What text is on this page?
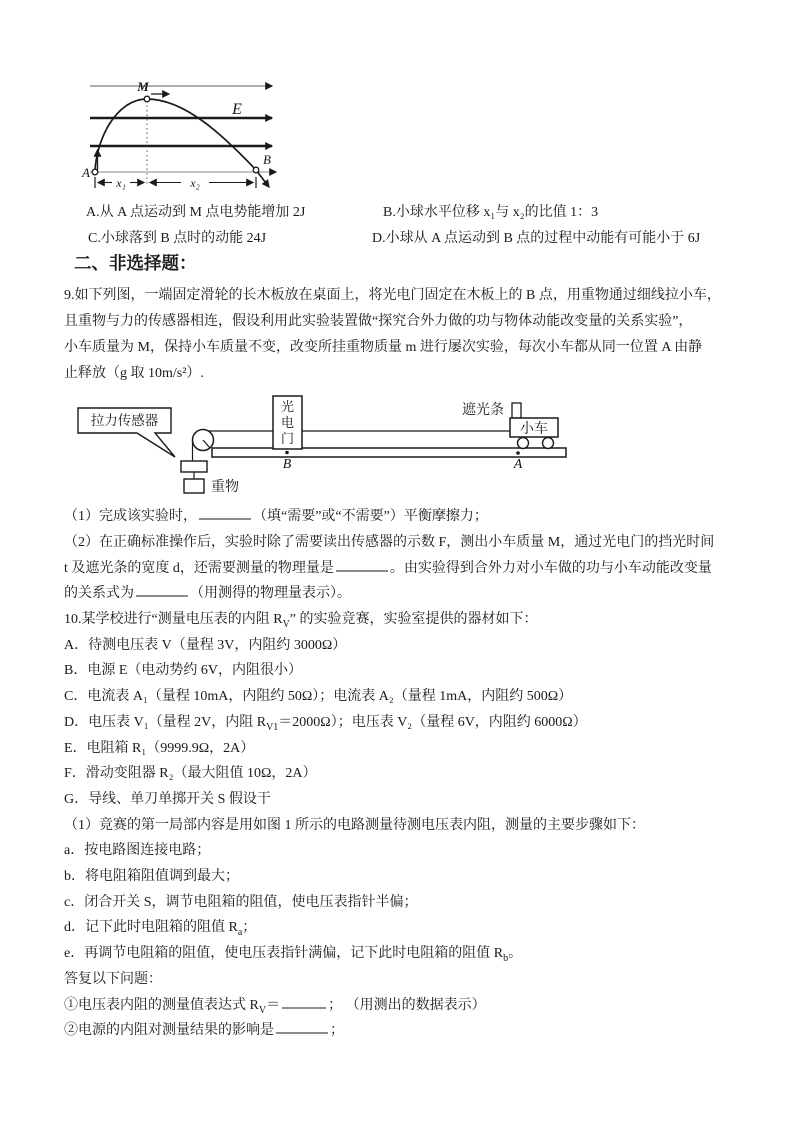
M
E
A
B
x₁	x₂
A.从 A 点运动到 M 点电势能增加 2J	B.小球水平位移 x₁与 x₂的比值 1：3
C.小球落到 B 点时的动能 24J	D.小球从 A 点运动到 B 点的过程中动能有可能小于 6J
二、非选择题：
9.如下列图，一端固定滑轮的长木板放在桌面上，将光电门固定在木板上的 B 点，用重物通过细线拉小车，
且重物与力的传感器相连，假设利用此实验装置做“探究合外力做的功与物体动能改变量的关系实验”，
小车质量为 M，保持小车质量不变，改变所挂重物质量 m 进行屡次实验，每次小车都从同一位置 A 由静
止释放（g 取 10m/s²）.
重物
拉力传感器
光
电
门
B
遮光条
小车
A
（1）完成该实验时，	（填“需要”或“不需要”）平衡摩擦力；
（2）在正确标准操作后，实验时除了需要读出传感器的示数 F，测出小车质量 M，通过光电门的挡光时间
t 及遮光条的宽度 d，还需要测量的物理量是	。由实验得到合外力对小车做的功与小车动能改变量
的关系式为	（用测得的物理量表示）。
10.某学校进行“测量电压表的内阻 $R_V$” 的实验竞赛，实验室提供的器材如下：
A．待测电压表 V（量程 3V，内阻约 3000Ω）
B．电源 E（电动势约 6V，内阻很小）
C．电流表 A₁（量程 10mA，内阻约 50Ω）；电流表 A₂（量程 1mA，内阻约 500Ω）
D．电压表 V₁（量程 2V，内阻 $R_{V1}=2000\Omega$）；电压表 V₂（量程 6V，内阻约 6000Ω）
E．电阻箱 R₁（9999.9Ω，2A）
F．滑动变阻器 R₂（最大阻值 10Ω，2A）
G．导线、单刀单掷开关 S 假设干
（1）竞赛的第一局部内容是用如图 1 所示的电路测量待测电压表内阻，测量的主要步骤如下：
a．按电路图连接电路；
b．将电阻箱阻值调到最大；
c．闭合开关 S，调节电阻箱的阻值，使电压表指针半偏；
d．记下此时电阻箱的阻值 $R_a$；
e．再调节电阻箱的阻值，使电压表指针满偏，记下此时电阻箱的阻值 $R_b$。
答复以下问题：
①电压表内阻的测量值表达式 $R_V=$	； （用测出的数据表示）
②电源的内阻对测量结果的影响是	；
